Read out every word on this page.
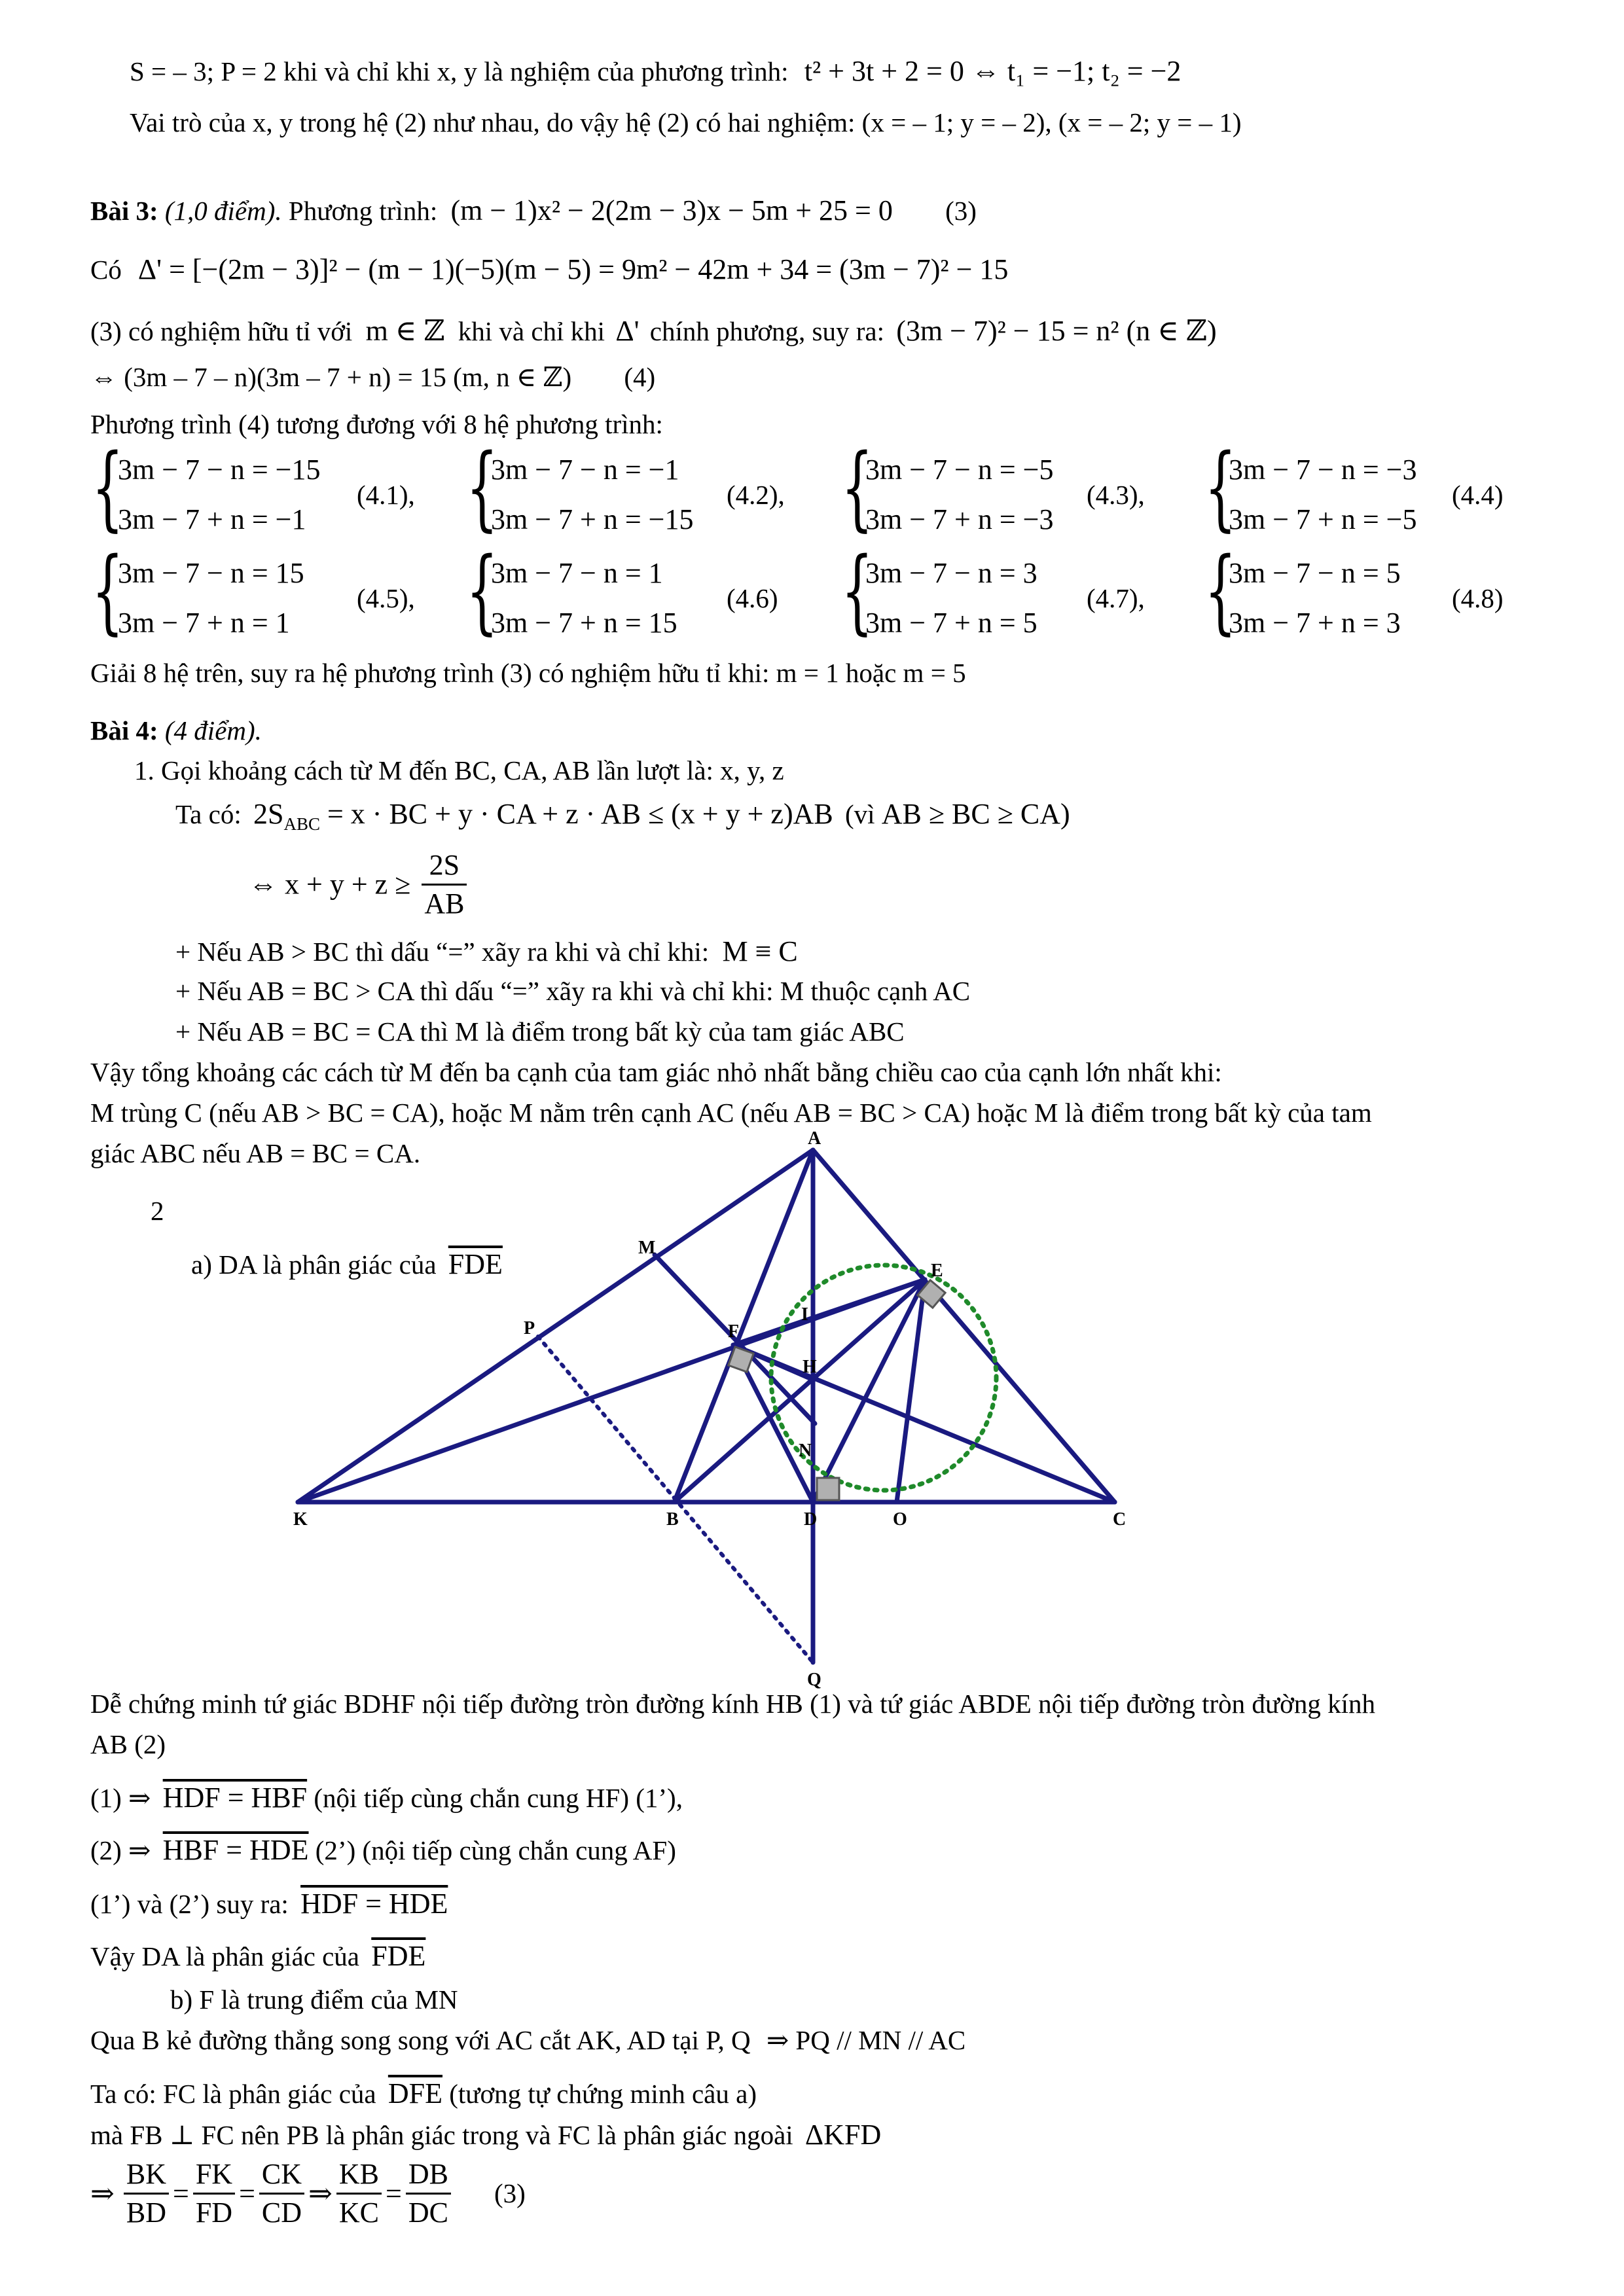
S = – 3; P = 2 khi và chỉ khi x, y là nghiệm của phương trình: t² + 3t + 2 = 0 ⇔ t₁ = −1; t₂ = −2
Vai trò của x, y trong hệ (2) như nhau, do vậy hệ (2) có hai nghiệm: (x = – 1; y = – 2), (x = – 2; y = – 1)
Bài 3: (1,0 điểm). Phương trình: (m − 1)x² − 2(2m − 3)x − 5m + 25 = 0 (3)
Có Δ' = [−(2m − 3)]² − (m − 1)(−5)(m − 5) = 9m² − 42m + 34 = (3m − 7)² − 15
(3) có nghiệm hữu tỉ với m ∈ ℤ khi và chỉ khi Δ' chính phương, suy ra: (3m − 7)² − 15 = n² (n ∈ ℤ)
⇔ (3m – 7 – n)(3m – 7 + n) = 15 (m, n ∈ ℤ) (4)
Phương trình (4) tương đương với 8 hệ phương trình:
{
3m − 7 − n = −15
3m − 7 + n = −1
(4.1), {
3m − 7 − n = −1
3m − 7 + n = −15
(4.2), {
3m − 7 − n = −5
3m − 7 + n = −3
(4.3), {
3m − 7 − n = −3
3m − 7 + n = −5
(4.4)
{
3m − 7 − n = 15
3m − 7 + n = 1
(4.5), {
3m − 7 − n = 1
3m − 7 + n = 15
(4.6) {
3m − 7 − n = 3
3m − 7 + n = 5
(4.7), {
3m − 7 − n = 5
3m − 7 + n = 3
(4.8)
Giải 8 hệ trên, suy ra hệ phương trình (3) có nghiệm hữu tỉ khi: m = 1 hoặc m = 5
Bài 4: (4 điểm).
1. Gọi khoảng cách từ M đến BC, CA, AB lần lượt là: x, y, z
Ta có: $2S_{ABC} = x$ · BC + y · CA + z · AB ≤ (x + y + z)AB (vì AB ≥ BC ≥ CA)
⇔ $x + y + z \ge \frac{2S}{AB}$
+ Nếu AB > BC thì dấu “=” xãy ra khi và chỉ khi: M ≡ C
+ Nếu AB = BC > CA thì dấu “=” xãy ra khi và chỉ khi: M thuộc cạnh AC
+ Nếu AB = BC = CA thì M là điểm trong bất kỳ của tam giác ABC
Vậy tổng khoảng các cách từ M đến ba cạnh của tam giác nhỏ nhất bằng chiều cao của cạnh lớn nhất khi:
M trùng C (nếu AB > BC = CA), hoặc M nằm trên cạnh AC (nếu AB = BC > CA) hoặc M là điểm trong bất kỳ của tam
giác ABC nếu AB = BC = CA.
2
a) DA là phân giác của $\overline{FDE}$
A
M
E
I
P	F
H
N
K	B	D	O	C
Q
Dễ chứng minh tứ giác BDHF nội tiếp đường tròn đường kính HB (1) và tứ giác ABDE nội tiếp đường tròn đường kính
AB (2)
(1) ⇒ HDF = HBF (nội tiếp cùng chắn cung HF) (1’),
(2) ⇒ HBF = HDE (2’) (nội tiếp cùng chắn cung AF)
(1’) và (2’) suy ra: HDF = HDE
Vậy DA là phân giác của $\overline{FDE}$
b) F là trung điểm của MN
Qua B kẻ đường thẳng song song với AC cắt AK, AD tại P, Q ⇒ PQ // MN // AC
Ta có: FC là phân giác của $\overline{DFE}$ (tương tự chứng minh câu a)
mà FB ⊥ FC nên PB là phân giác trong và FC là phân giác ngoài ΔKFD
⇒ $\frac{BK}{BD} = \frac{FK}{FD} = \frac{CK}{CD}$ ⇒ $\frac{KB}{KC} = \frac{DB}{DC} (3)$
